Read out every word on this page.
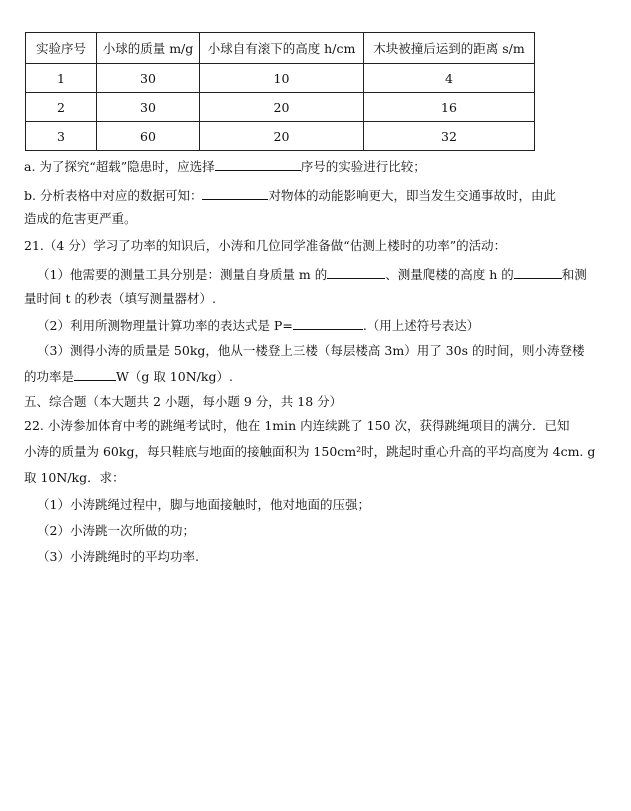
实验序号	小球的质量 m/g	小球自有滚下的高度 h/cm	木块被撞后运到的距离 s/m
1	30	10	4
2	30	20	16
3	60	20	32
a. 为了探究“超载”隐患时，应选择	序号的实验进行比较；
b. 分析表格中对应的数据可知：	对物体的动能影响更大，即当发生交通事故时，由此
造成的危害更严重。
21.（4 分）学习了功率的知识后，小涛和几位同学准备做“估测上楼时的功率”的活动：
（1）他需要的测量工具分别是：测量自身质量 m 的	、测量爬楼的高度 h 的	和测
量时间 t 的秒表（填写测量器材）.
（2）利用所测物理量计算功率的表达式是 P=	.（用上述符号表达）
（3）测得小涛的质量是 50kg，他从一楼登上三楼（每层楼高 3m）用了 30s 的时间，则小涛登楼
的功率是	W（g 取 10N/kg）.
五、综合题（本大题共 2 小题，每小题 9 分，共 18 分）
22. 小涛参加体育中考的跳绳考试时，他在 1min 内连续跳了 150 次，获得跳绳项目的满分．已知
小涛的质量为 60kg，每只鞋底与地面的接触面积为 150cm²时，跳起时重心升高的平均高度为 4cm. g
取 10N/kg．求：
（1）小涛跳绳过程中，脚与地面接触时，他对地面的压强；
（2）小涛跳一次所做的功；
（3）小涛跳绳时的平均功率.
